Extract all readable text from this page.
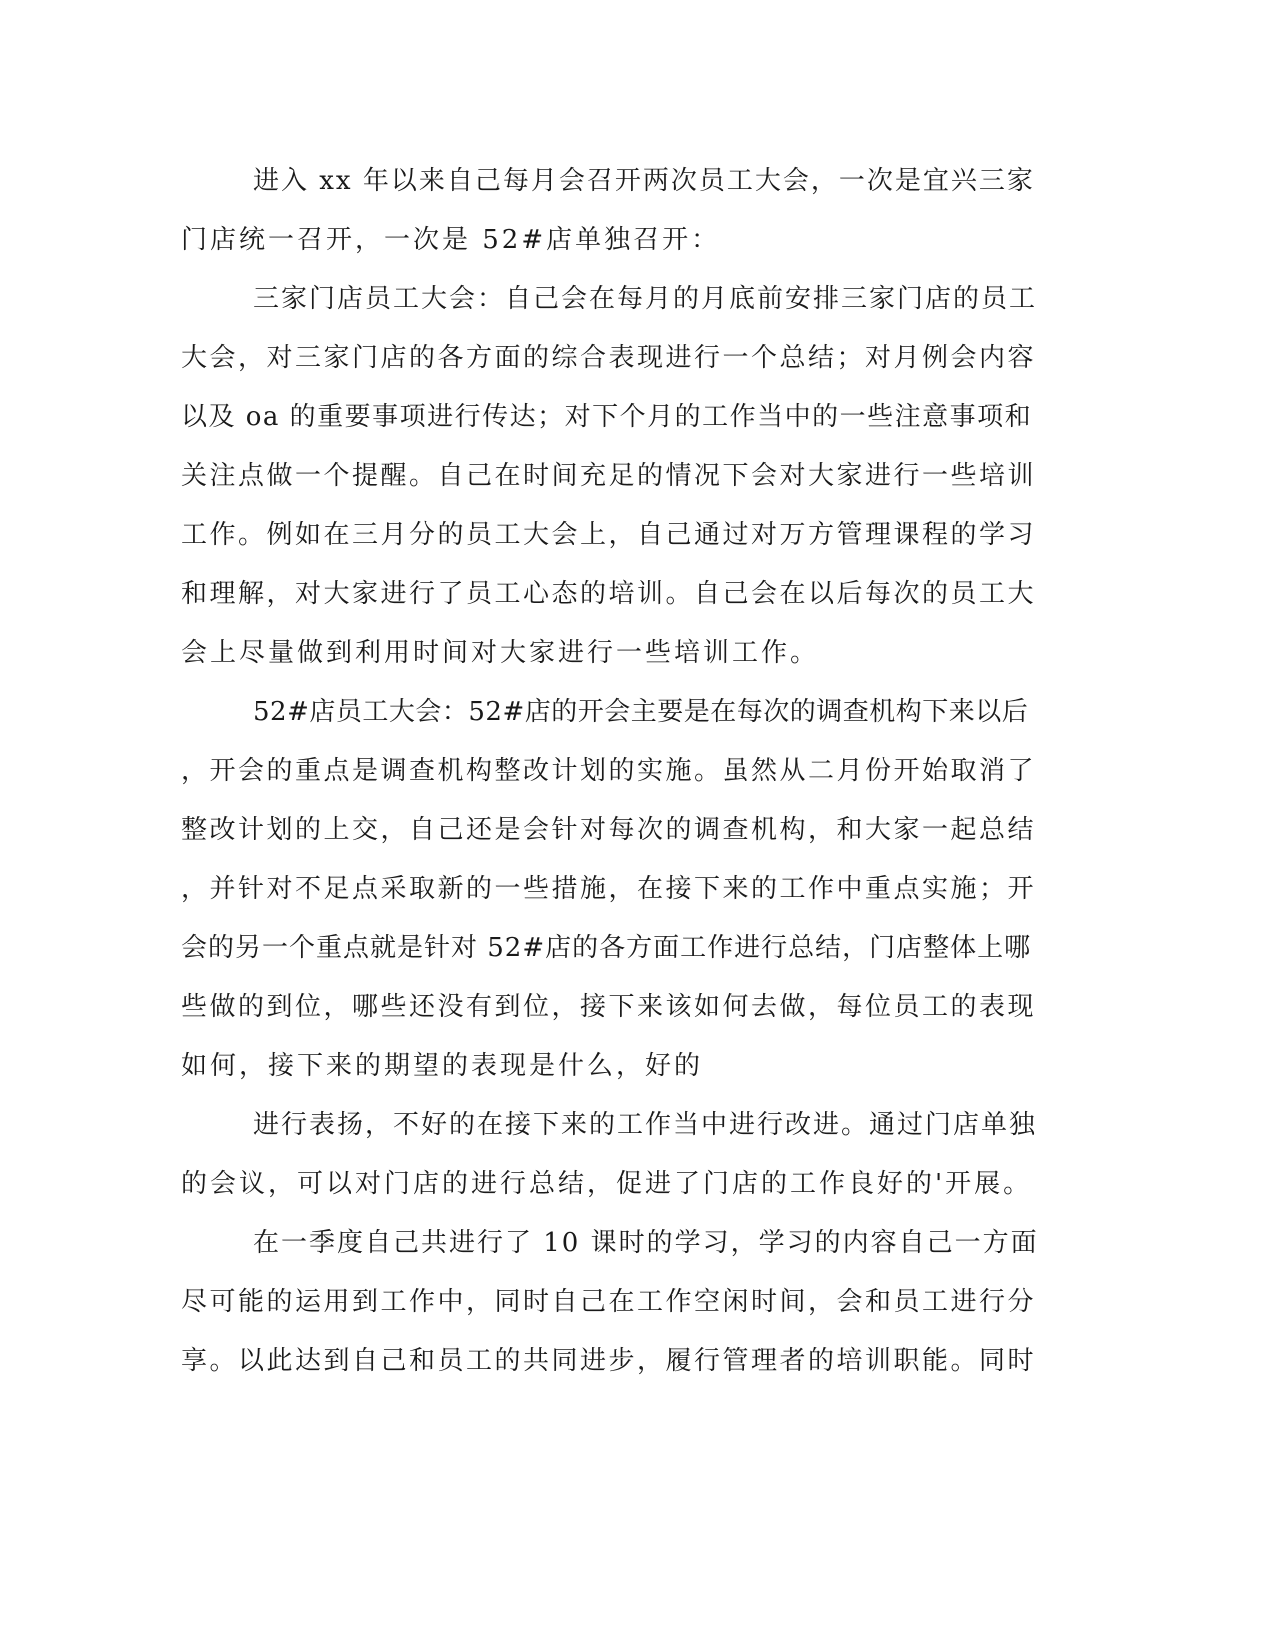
进入 xx 年以来自己每月会召开两次员工大会，一次是宜兴三家
门店统一召开，一次是 52#店单独召开：
三家门店员工大会：自己会在每月的月底前安排三家门店的员工
大会，对三家门店的各方面的综合表现进行一个总结；对月例会内容
以及 oa 的重要事项进行传达；对下个月的工作当中的一些注意事项和
关注点做一个提醒。自己在时间充足的情况下会对大家进行一些培训
工作。例如在三月分的员工大会上，自己通过对万方管理课程的学习
和理解，对大家进行了员工心态的培训。自己会在以后每次的员工大
会上尽量做到利用时间对大家进行一些培训工作。
52#店员工大会：52#店的开会主要是在每次的调查机构下来以后
，开会的重点是调查机构整改计划的实施。虽然从二月份开始取消了
整改计划的上交，自己还是会针对每次的调查机构，和大家一起总结
，并针对不足点采取新的一些措施，在接下来的工作中重点实施；开
会的另一个重点就是针对 52#店的各方面工作进行总结，门店整体上哪
些做的到位，哪些还没有到位，接下来该如何去做，每位员工的表现
如何，接下来的期望的表现是什么，好的
进行表扬，不好的在接下来的工作当中进行改进。通过门店单独
的会议，可以对门店的进行总结，促进了门店的工作良好的'开展。
在一季度自己共进行了 10 课时的学习，学习的内容自己一方面
尽可能的运用到工作中，同时自己在工作空闲时间，会和员工进行分
享。以此达到自己和员工的共同进步，履行管理者的培训职能。同时
